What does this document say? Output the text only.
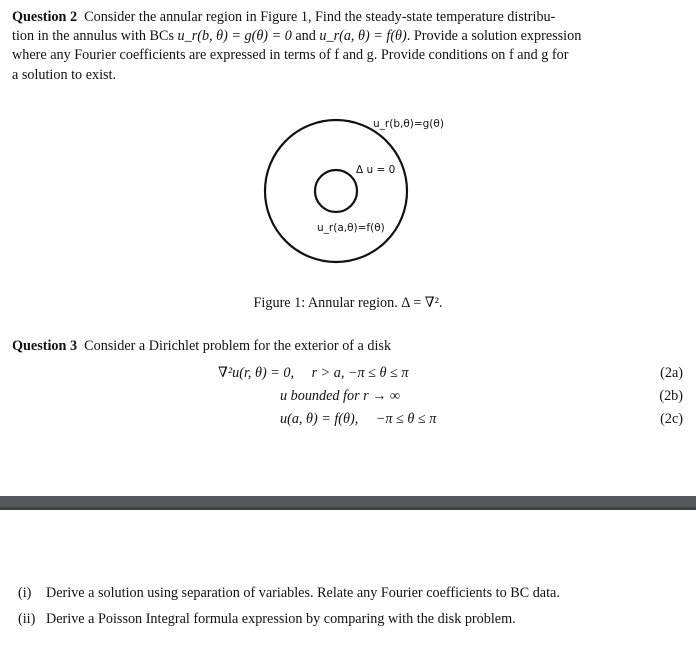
Question 2 Consider the annular region in Figure 1, Find the steady-state temperature distribu-
tion in the annulus with BCs u_r(b, θ) = g(θ) = 0 and u_r(a, θ) = f(θ). Provide a solution expression
where any Fourier coefficients are expressed in terms of f and g. Provide conditions on f and g for
a solution to exist.
u_r(b,θ)=g(θ)
Δ u = 0
u_r(a,θ)=f(θ)
Figure 1: Annular region. Δ = ∇².
Question 3 Consider a Dirichlet problem for the exterior of a disk
∇²u(r, θ) = 0, r > a, −π ≤ θ ≤ π	(2a)
u bounded for r → ∞	(2b)
u(a, θ) = f(θ), −π ≤ θ ≤ π	(2c)
(i) Derive a solution using separation of variables. Relate any Fourier coefficients to BC data.
(ii) Derive a Poisson Integral formula expression by comparing with the disk problem.
